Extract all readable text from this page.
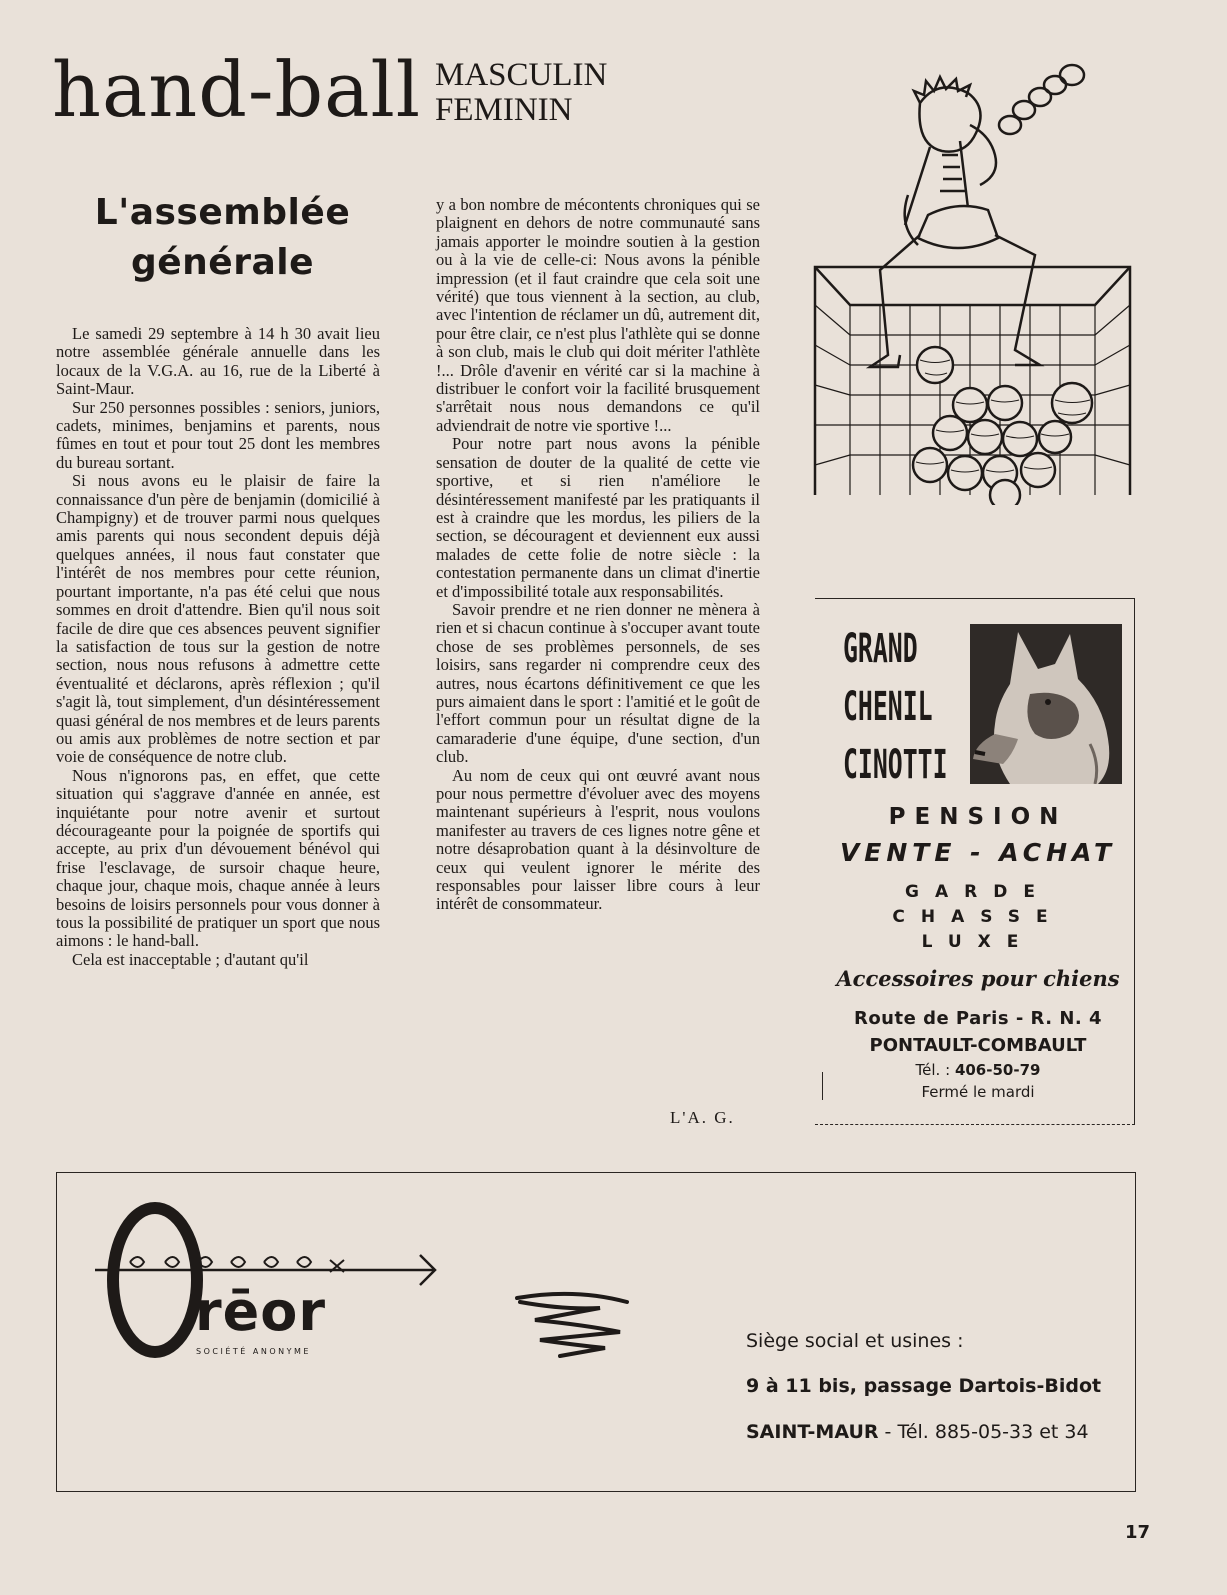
hand-ball MASCULIN
FEMININ
L'assemblée
générale

Le samedi 29 septembre à 14 h 30 avait lieu notre assemblée générale annuelle dans les locaux de la V.G.A. au 16, rue de la Liberté à Saint-Maur.

Sur 250 personnes possibles : seniors, juniors, cadets, minimes, benjamins et parents, nous fûmes en tout et pour tout 25 dont les membres du bureau sortant.

Si nous avons eu le plaisir de faire la connaissance d'un père de benjamin (domicilié à Champigny) et de trouver parmi nous quelques amis parents qui nous secondent depuis déjà quelques années, il nous faut constater que l'intérêt de nos membres pour cette réunion, pourtant importante, n'a pas été celui que nous sommes en droit d'attendre. Bien qu'il nous soit facile de dire que ces absences peuvent signifier la satisfaction de tous sur la gestion de notre section, nous nous refusons à admettre cette éventualité et déclarons, après réflexion ; qu'il s'agit là, tout simplement, d'un désintéressement quasi général de nos membres et de leurs parents ou amis aux problèmes de notre section et par voie de conséquence de notre club.

Nous n'ignorons pas, en effet, que cette situation qui s'aggrave d'année en année, est inquiétante pour notre avenir et surtout décourageante pour la poignée de sportifs qui accepte, au prix d'un dévouement bénévol qui frise l'esclavage, de sursoir chaque heure, chaque jour, chaque mois, chaque année à leurs besoins de loisirs personnels pour vous donner à tous la possibilité de pratiquer un sport que nous aimons : le hand-ball.

Cela est inacceptable ; d'autant qu'il

y a bon nombre de mécontents chroniques qui se plaignent en dehors de notre communauté sans jamais apporter le moindre soutien à la gestion ou à la vie de celle-ci: Nous avons la pénible impression (et il faut craindre que cela soit une vérité) que tous viennent à la section, au club, avec l'intention de réclamer un dû, autrement dit, pour être clair, ce n'est plus l'athlète qui se donne à son club, mais le club qui doit mériter l'athlète !... Drôle d'avenir en vérité car si la machine à distribuer le confort voir la facilité brusquement s'arrêtait nous nous demandons ce qu'il adviendrait de notre vie sportive !...

Pour notre part nous avons la pénible sensation de douter de la qualité de cette vie sportive, et si rien n'améliore le désintéressement manifesté par les pratiquants il est à craindre que les mordus, les piliers de la section, se découragent et deviennent eux aussi malades de cette folie de notre siècle : la contestation permanente dans un climat d'inertie et d'impossibilité totale aux responsabilités.

Savoir prendre et ne rien donner ne mènera à rien et si chacun continue à s'occuper avant toute chose de ses problèmes personnels, de ses loisirs, sans regarder ni comprendre ceux des autres, nous écartons définitivement ce que les purs aimaient dans le sport : l'amitié et le goût de l'effort commun pour un résultat digne de la camaraderie d'une équipe, d'une section, d'un club.

Au nom de ceux qui ont œuvré avant nous pour nous permettre d'évoluer avec des moyens maintenant supérieurs à l'esprit, nous voulons manifester au travers de ces lignes notre gêne et notre désaprobation quant à la désinvolture de ceux qui veulent ignorer le mérite des responsables pour laisser libre cours à leur intérêt de consommateur.

L'A. G.
GRAND
CHENIL
CINOTTI
PENSION
VENTE - ACHAT
GARDE
CHASSE
LUXE
Accessoires pour chiens
Route de Paris - R. N. 4
PONTAULT-COMBAULT
Tél. : 406-50-79
Fermé le mardi
rēor
SOCIÉTÉ ANONYME	Siège social et usines :
9 à 11 bis, passage Dartois-Bidot
SAINT-MAUR - Tél. 885-05-33 et 34
17
